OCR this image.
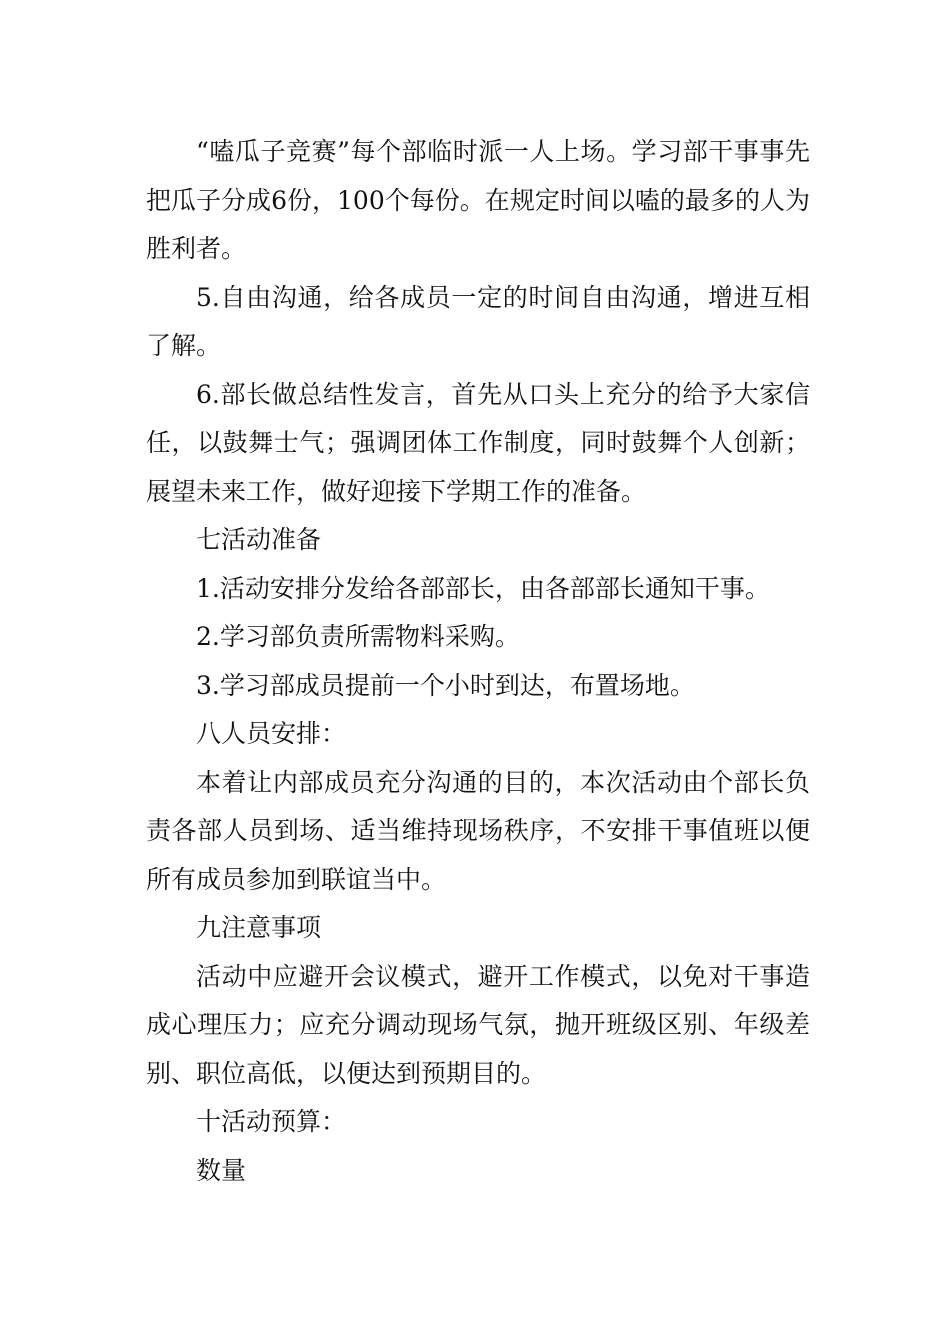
“嗑瓜子竞赛”每个部临时派一人上场。学习部干事事先把瓜子分成6份，100个每份。在规定时间以嗑的最多的人为胜利者。

5.自由沟通，给各成员一定的时间自由沟通，增进互相了解。

6.部长做总结性发言，首先从口头上充分的给予大家信任，以鼓舞士气；强调团体工作制度，同时鼓舞个人创新；展望未来工作，做好迎接下学期工作的准备。

七活动准备

1.活动安排分发给各部部长，由各部部长通知干事。

2.学习部负责所需物料采购。

3.学习部成员提前一个小时到达，布置场地。

八人员安排：

本着让内部成员充分沟通的目的，本次活动由个部长负责各部人员到场、适当维持现场秩序，不安排干事值班以便所有成员参加到联谊当中。

九注意事项

活动中应避开会议模式，避开工作模式，以免对干事造成心理压力；应充分调动现场气氛，抛开班级区别、年级差别、职位高低，以便达到预期目的。

十活动预算：

数量
